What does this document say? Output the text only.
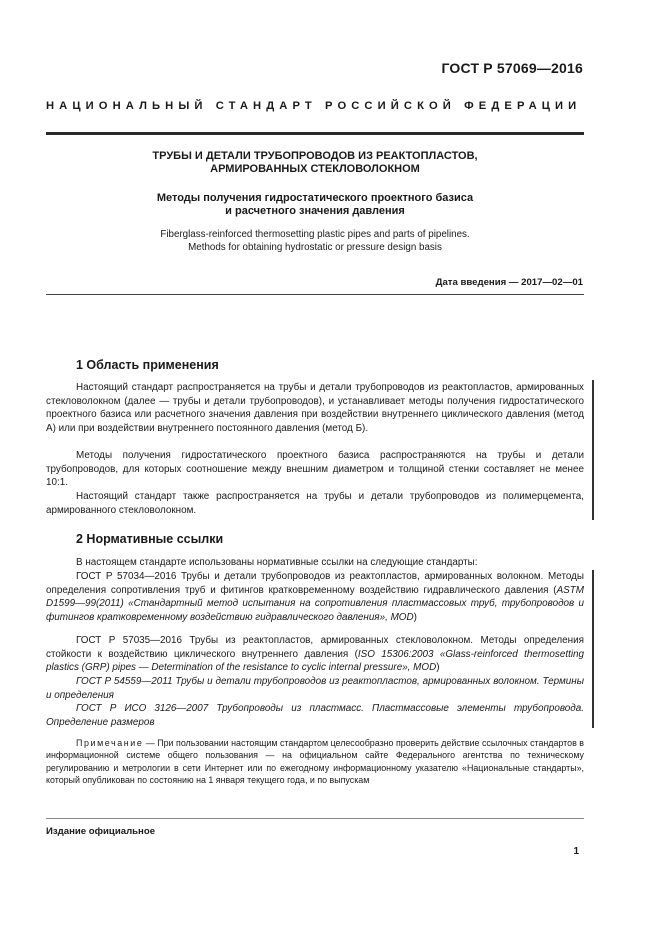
ГОСТ Р 57069—2016
НАЦИОНАЛЬНЫЙ СТАНДАРТ РОССИЙСКОЙ ФЕДЕРАЦИИ
ТРУБЫ И ДЕТАЛИ ТРУБОПРОВОДОВ ИЗ РЕАКТОПЛАСТОВ,
АРМИРОВАННЫХ СТЕКЛОВОЛОКНОМ
Методы получения гидростатического проектного базиса
и расчетного значения давления
Fiberglass-reinforced thermosetting plastic pipes and parts of pipelines.
Methods for obtaining hydrostatic or pressure design basis
Дата введения — 2017—02—01
1 Область применения
Настоящий стандарт распространяется на трубы и детали трубопроводов из реактопластов, армированных стекловолокном (далее — трубы и детали трубопроводов), и устанавливает методы получения гидростатического проектного базиса или расчетного значения давления при воздействии внутреннего циклического давления (метод А) или при воздействии внутреннего постоянного давления (метод Б).
Методы получения гидростатического проектного базиса распространяются на трубы и детали трубопроводов, для которых соотношение между внешним диаметром и толщиной стенки составляет не менее 10:1.
Настоящий стандарт также распространяется на трубы и детали трубопроводов из полимерцемента, армированного стекловолокном.
2 Нормативные ссылки
В настоящем стандарте использованы нормативные ссылки на следующие стандарты:
ГОСТ Р 57034—2016 Трубы и детали трубопроводов из реактопластов, армированных волокном. Методы определения сопротивления труб и фитингов кратковременному воздействию гидравлического давления (ASTM D1599—99(2011) «Стандартный метод испытания на сопротивления пластмассовых труб, трубопроводов и фитингов кратковременному воздействию гидравлического давления», MOD)
ГОСТ Р 57035—2016 Трубы из реактопластов, армированных стекловолокном. Методы определения стойкости к воздействию циклического внутреннего давления (ISO 15306:2003 «Glass-reinforced thermosetting plastics (GRP) pipes — Determination of the resistance to cyclic internal pressure», MOD)
ГОСТ Р 54559—2011 Трубы и детали трубопроводов из реактопластов, армированных волокном. Термины и определения
ГОСТ Р ИСО 3126—2007 Трубопроводы из пластмасс. Пластмассовые элементы трубопровода. Определение размеров
Примечание — При пользовании настоящим стандартом целесообразно проверить действие ссылочных стандартов в информационной системе общего пользования — на официальном сайте Федерального агентства по техническому регулированию и метрологии в сети Интернет или по ежегодному информационному указателю «Национальные стандарты», который опубликован по состоянию на 1 января текущего года, и по выпускам
Издание официальное
1
